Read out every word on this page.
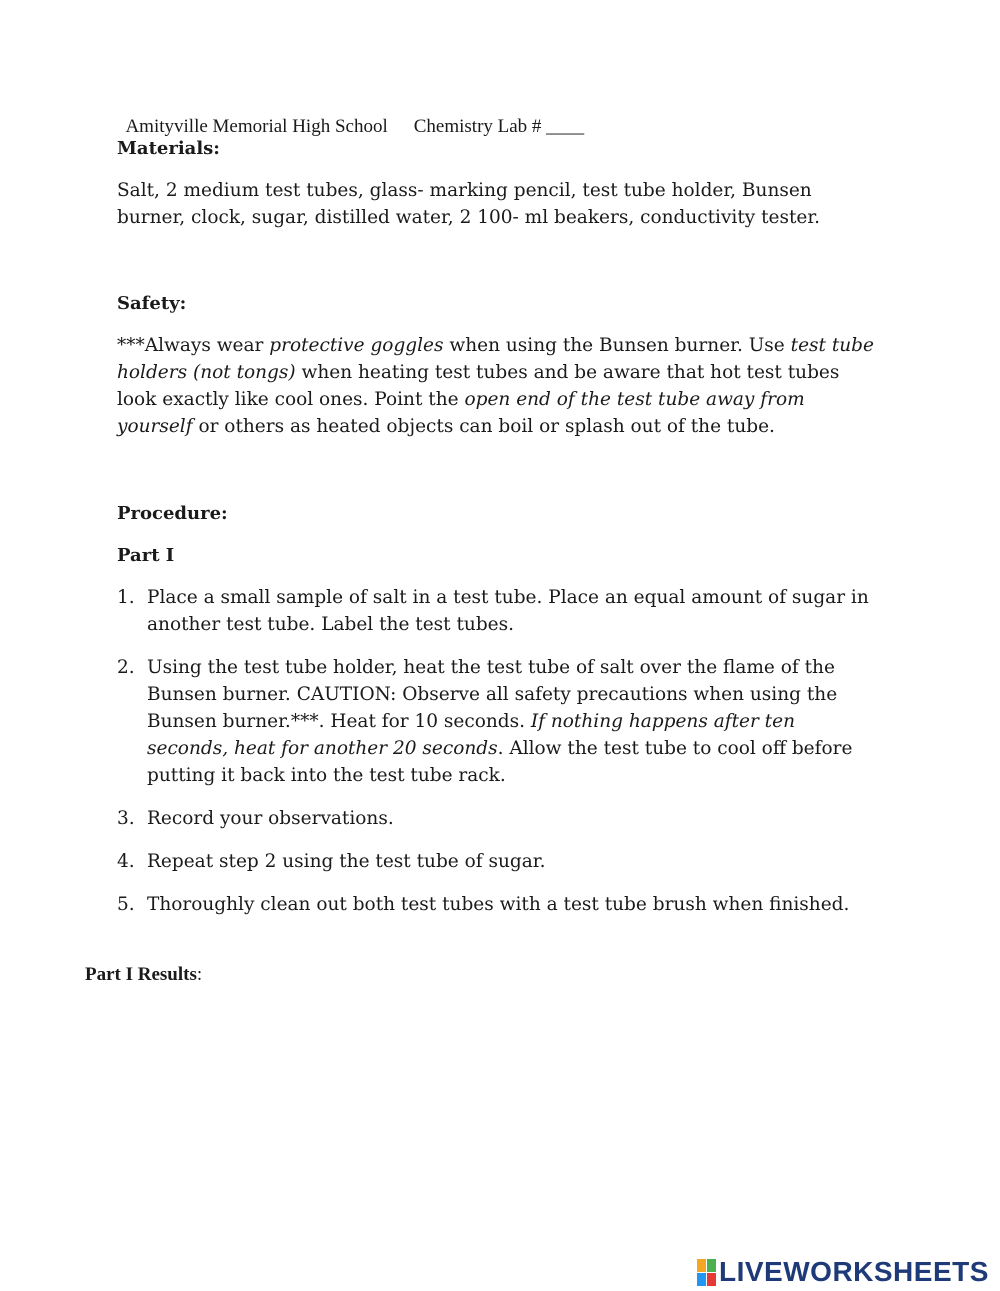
Amityville Memorial High School Chemistry Lab # ____

Materials:
Salt, 2 medium test tubes, glass- marking pencil, test tube holder, Bunsen burner, clock, sugar, distilled water, 2 100- ml beakers, conductivity tester.
Safety:
***Always wear protective goggles when using the Bunsen burner. Use test tube holders (not tongs) when heating test tubes and be aware that hot test tubes look exactly like cool ones. Point the open end of the test tube away from yourself or others as heated objects can boil or splash out of the tube.
Procedure:
Part I
1. Place a small sample of salt in a test tube. Place an equal amount of sugar in another test tube. Label the test tubes.
2. Using the test tube holder, heat the test tube of salt over the flame of the Bunsen burner. CAUTION: Observe all safety precautions when using the Bunsen burner.***. Heat for 10 seconds. If nothing happens after ten seconds, heat for another 20 seconds. Allow the test tube to cool off before putting it back into the test tube rack.
3. Record your observations.
4. Repeat step 2 using the test tube of sugar.
5. Thoroughly clean out both test tubes with a test tube brush when finished.
Part I Results:
LIVEWORKSHEETS
